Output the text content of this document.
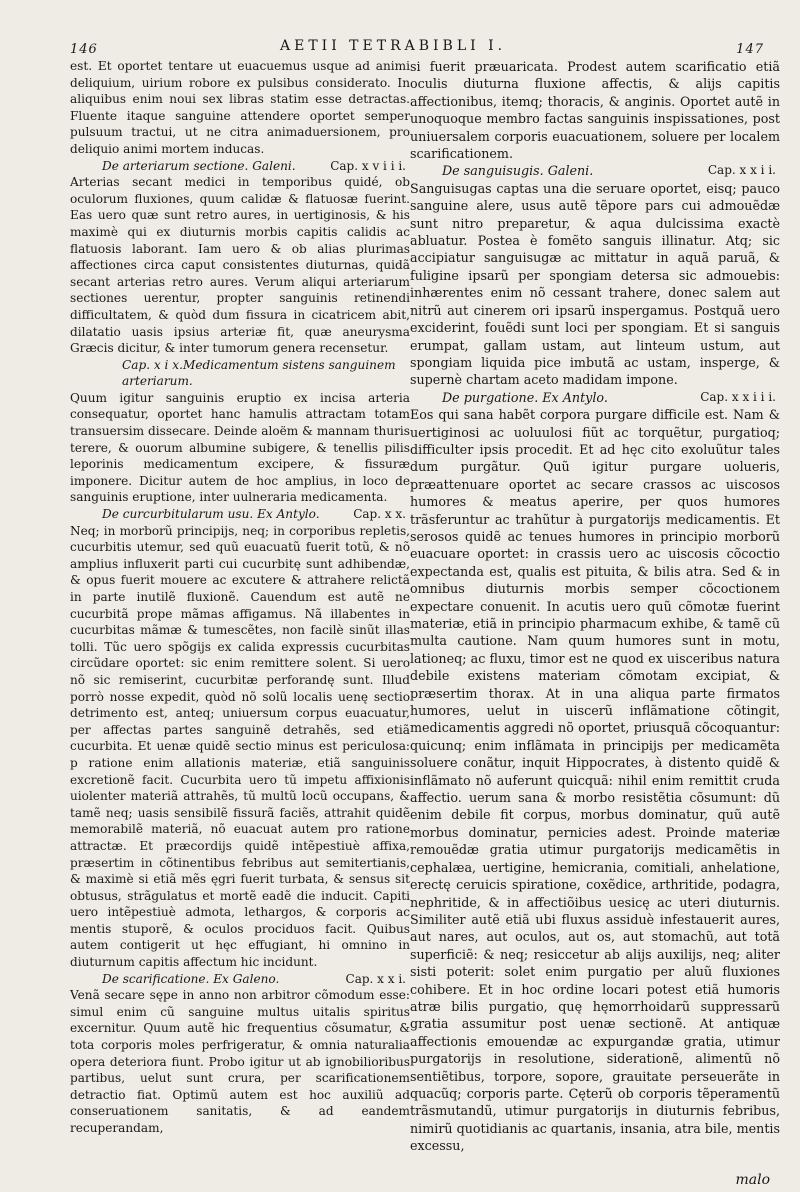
146	AETII TETRABIBLI I.	147

est. Et oportet tentare ut euacuemus usque ad animi deliquium, uirium robore ex pulsibus considerato. In aliquibus enim noui sex libras statim esse detractas. Fluente itaque sanguine attendere oportet semper pulsuum tractui, ut ne citra animaduersionem, pro deliquio animi mortem inducas.

Cap. x v i i i.
De arteriarum sectione. Galeni.

Arterias secant medici in temporibus quidé, ob oculorum fluxiones, quum calidæ & flatuosæ fuerint. Eas uero quæ sunt retro aures, in uertiginosis, & his maximè qui ex diuturnis morbis capitis calidis ac flatuosis laborant. Iam uero & ob alias plurimas affectiones circa caput consistentes diuturnas, quidã secant arterias retro aures. Verum aliqui arteriarum sectiones uerentur, propter sanguinis retinendi difficultatem, & quòd dum fissura in cicatricem abit, dilatatio uasis ipsius arteriæ fit, quæ aneurysma Græcis dicitur, & inter tumorum genera recensetur.

Cap. x i x.Medicamentum sistens sanguinem arteriarum.

Quum igitur sanguinis eruptio ex incisa arteria consequatur, oportet hanc hamulis attractam totam transuersim dissecare. Deinde aloëm & mannam thuris terere, & ouorum albumine subigere, & tenellis pilis leporinis medicamentum excipere, & fissuræ imponere. Dicitur autem de hoc amplius, in loco de sanguinis eruptione, inter uulneraria medicamenta.

Cap. x x.
De curcurbitularum usu. Ex Antylo.

Neq; in morborũ principijs, neq; in corporibus repletis, cucurbitis utemur, sed quũ euacuatũ fuerit totũ, & nõ amplius influxerit parti cui cucurbitę sunt adhibendæ, & opus fuerit mouere ac excutere & attrahere relictã in parte inutilẽ fluxionẽ. Cauendum est autẽ ne cucurbitã prope mãmas affigamus. Nã illabentes in cucurbitas mãmæ & tumescẽtes, non facilè sinũt illas tolli. Tũc uero spõgijs ex calida expressis cucurbitas circũdare oportet: sic enim remittere solent. Si uero nõ sic remiserint, cucurbitæ perforandę sunt. Illud porrò nosse expedit, quòd nõ solũ localis uenę sectio detrimento est, anteq; uniuersum corpus euacuatur, per affectas partes sanguinẽ detrahẽs, sed etiã cucurbita. Et uenæ quidẽ sectio minus est periculosa: p ratione enim allationis materiæ, etiã sanguinis excretionẽ facit. Cucurbita uero tũ impetu affixionis uiolenter materiã attrahẽs, tũ multũ locũ occupans, & tamẽ neq; uasis sensibilẽ fissurã faciẽs, attrahit quidẽ memorabilẽ materiã, nõ euacuat autem pro ratione attractæ. Et præcordijs quidẽ intẽpestiuè affixa, præsertim in cõtinentibus febribus aut semitertianis, & maximè si etiã mẽs ęgri fuerit turbata, & sensus sit obtusus, strãgulatus et mortẽ eadẽ die inducit. Capiti uero intẽpestiuè admota, lethargos, & corporis ac mentis stuporẽ, & oculos prociduos facit. Quibus autem contigerit ut hęc effugiant, hi omnino in diuturnum capitis affectum hic incidunt.

Cap. x x i.
De scarificatione. Ex Galeno.

Venã secare sępe in anno non arbitror cõmodum esse: simul enim cũ sanguine multus uitalis spiritus excernitur. Quum autẽ hic frequentius cõsumatur, & tota corporis moles perfrigeratur, & omnia naturalia opera deteriora fiunt. Probo igitur ut ab ignobilioribus partibus, uelut sunt crura, per scarificationem detractio fiat. Optimũ autem est hoc auxiliũ ad conseruationem sanitatis, & ad eandem recuperandam,

si fuerit præuaricata. Prodest autem scarificatio etiã oculis diuturna fluxione affectis, & alijs capitis affectionibus, itemq; thoracis, & anginis. Oportet autẽ in unoquoque membro factas sanguinis inspissationes, post uniuersalem corporis euacuationem, soluere per localem scarificationem.

Cap. x x i i.
De sanguisugis. Galeni.

Sanguisugas captas una die seruare oportet, eisq; pauco sanguine alere, usus autẽ tẽpore pars cui admouẽdæ sunt nitro preparetur, & aqua dulcissima exactè abluatur. Postea è fomẽto sanguis illinatur. Atq; sic accipiatur sanguisugæ ac mittatur in aquã paruã, & fuligine ipsarũ per spongiam detersa sic admouebis: inhærentes enim nõ cessant trahere, donec salem aut nitrũ aut cinerem ori ipsarũ inspergamus. Postquã uero exciderint, fouẽdi sunt loci per spongiam. Et si sanguis erumpat, gallam ustam, aut linteum ustum, aut spongiam liquida pice imbutã ac ustam, insperge, & supernè chartam aceto madidam impone.

Cap. x x i i i.
De purgatione. Ex Antylo.

Eos qui sana habẽt corpora purgare difficile est. Nam & uertiginosi ac uoluulosi fiũt ac torquẽtur, purgatioq; difficulter ipsis procedit. Et ad hęc cito exoluũtur tales dum purgãtur. Quũ igitur purgare uolueris, præattenuare oportet ac secare crassos ac uiscosos humores & meatus aperire, per quos humores trãsferuntur ac trahũtur à purgatorijs medicamentis. Et serosos quidẽ ac tenues humores in principio morborũ euacuare oportet: in crassis uero ac uiscosis cõcoctio expectanda est, qualis est pituita, & bilis atra. Sed & in omnibus diuturnis morbis semper cõcoctionem expectare conuenit. In acutis uero quũ cõmotæ fuerint materiæ, etiã in principio pharmacum exhibe, & tamẽ cũ multa cautione. Nam quum humores sunt in motu, lationeq; ac fluxu, timor est ne quod ex uisceribus natura debile existens materiam cõmotam excipiat, & præsertim thorax. At in una aliqua parte firmatos humores, uelut in uiscerũ inflãmatione cõtingit, medicamentis aggredi nõ oportet, priusquã cõcoquantur: quicunq; enim inflãmata in principijs per medicamẽta soluere conãtur, inquit Hippocrates, à distento quidẽ & inflãmato nõ auferunt quicquã: nihil enim remittit cruda affectio. uerum sana & morbo resistẽtia cõsumunt: dũ enim debile fit corpus, morbus dominatur, quũ autẽ morbus dominatur, pernicies adest. Proinde materiæ remouẽdæ gratia utimur purgatorijs medicamẽtis in cephalæa, uertigine, hemicrania, comitiali, anhelatione, erectę ceruicis spiratione, coxẽdice, arthritide, podagra, nephritide, & in affectiõibus uesicę ac uteri diuturnis. Similiter autẽ etiã ubi fluxus assiduè infestauerit aures, aut nares, aut oculos, aut os, aut stomachũ, aut totã superficiẽ: & neq; resiccetur ab alijs auxilijs, neq; aliter sisti poterit: solet enim purgatio per aluũ fluxiones cohibere. Et in hoc ordine locari potest etiã humoris atræ bilis purgatio, quę hęmorrhoidarũ suppressarũ gratia assumitur post uenæ sectionẽ. At antiquæ affectionis emouendæ ac expurgandæ gratia, utimur purgatorijs in resolutione, siderationẽ, alimentũ nõ sentiẽtibus, torpore, sopore, grauitate perseuerãte in quacũq; corporis parte. Cęterũ ob corporis tẽperamentũ trãsmutandũ, utimur purgatorijs in diuturnis febribus, nimirũ quotidianis ac quartanis, insania, atra bile, mentis excessu,

malo
